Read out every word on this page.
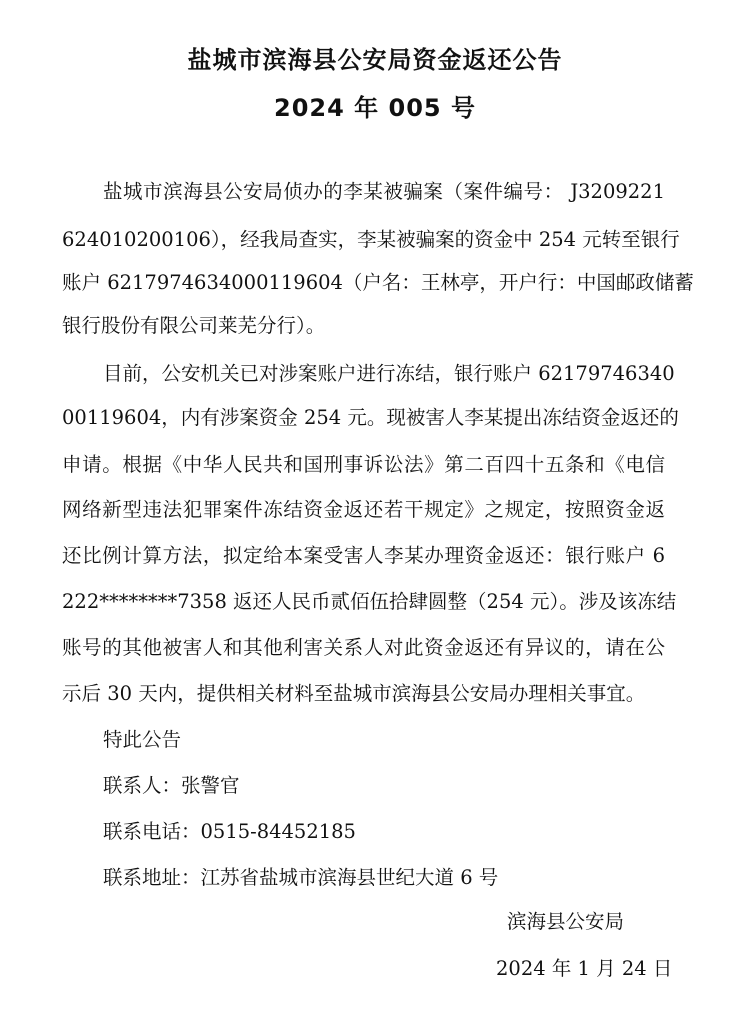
盐城市滨海县公安局资金返还公告
2024 年 005 号
盐城市滨海县公安局侦办的李某被骗案（案件编号： J3209221
624010200106），经我局查实，李某被骗案的资金中 254 元转至银行
账户 6217974634000119604（户名：王林亭，开户行：中国邮政储蓄
银行股份有限公司莱芜分行）。
目前，公安机关已对涉案账户进行冻结，银行账户 62179746340
00119604，内有涉案资金 254 元。现被害人李某提出冻结资金返还的
申请。根据《中华人民共和国刑事诉讼法》第二百四十五条和《电信
网络新型违法犯罪案件冻结资金返还若干规定》之规定，按照资金返
还比例计算方法，拟定给本案受害人李某办理资金返还：银行账户 6
222********7358 返还人民币贰佰伍拾肆圆整（254 元）。涉及该冻结
账号的其他被害人和其他利害关系人对此资金返还有异议的，请在公
示后 30 天内，提供相关材料至盐城市滨海县公安局办理相关事宜。
特此公告
联系人：张警官
联系电话：0515-84452185
联系地址：江苏省盐城市滨海县世纪大道 6 号
滨海县公安局
2024 年 1 月 24 日
